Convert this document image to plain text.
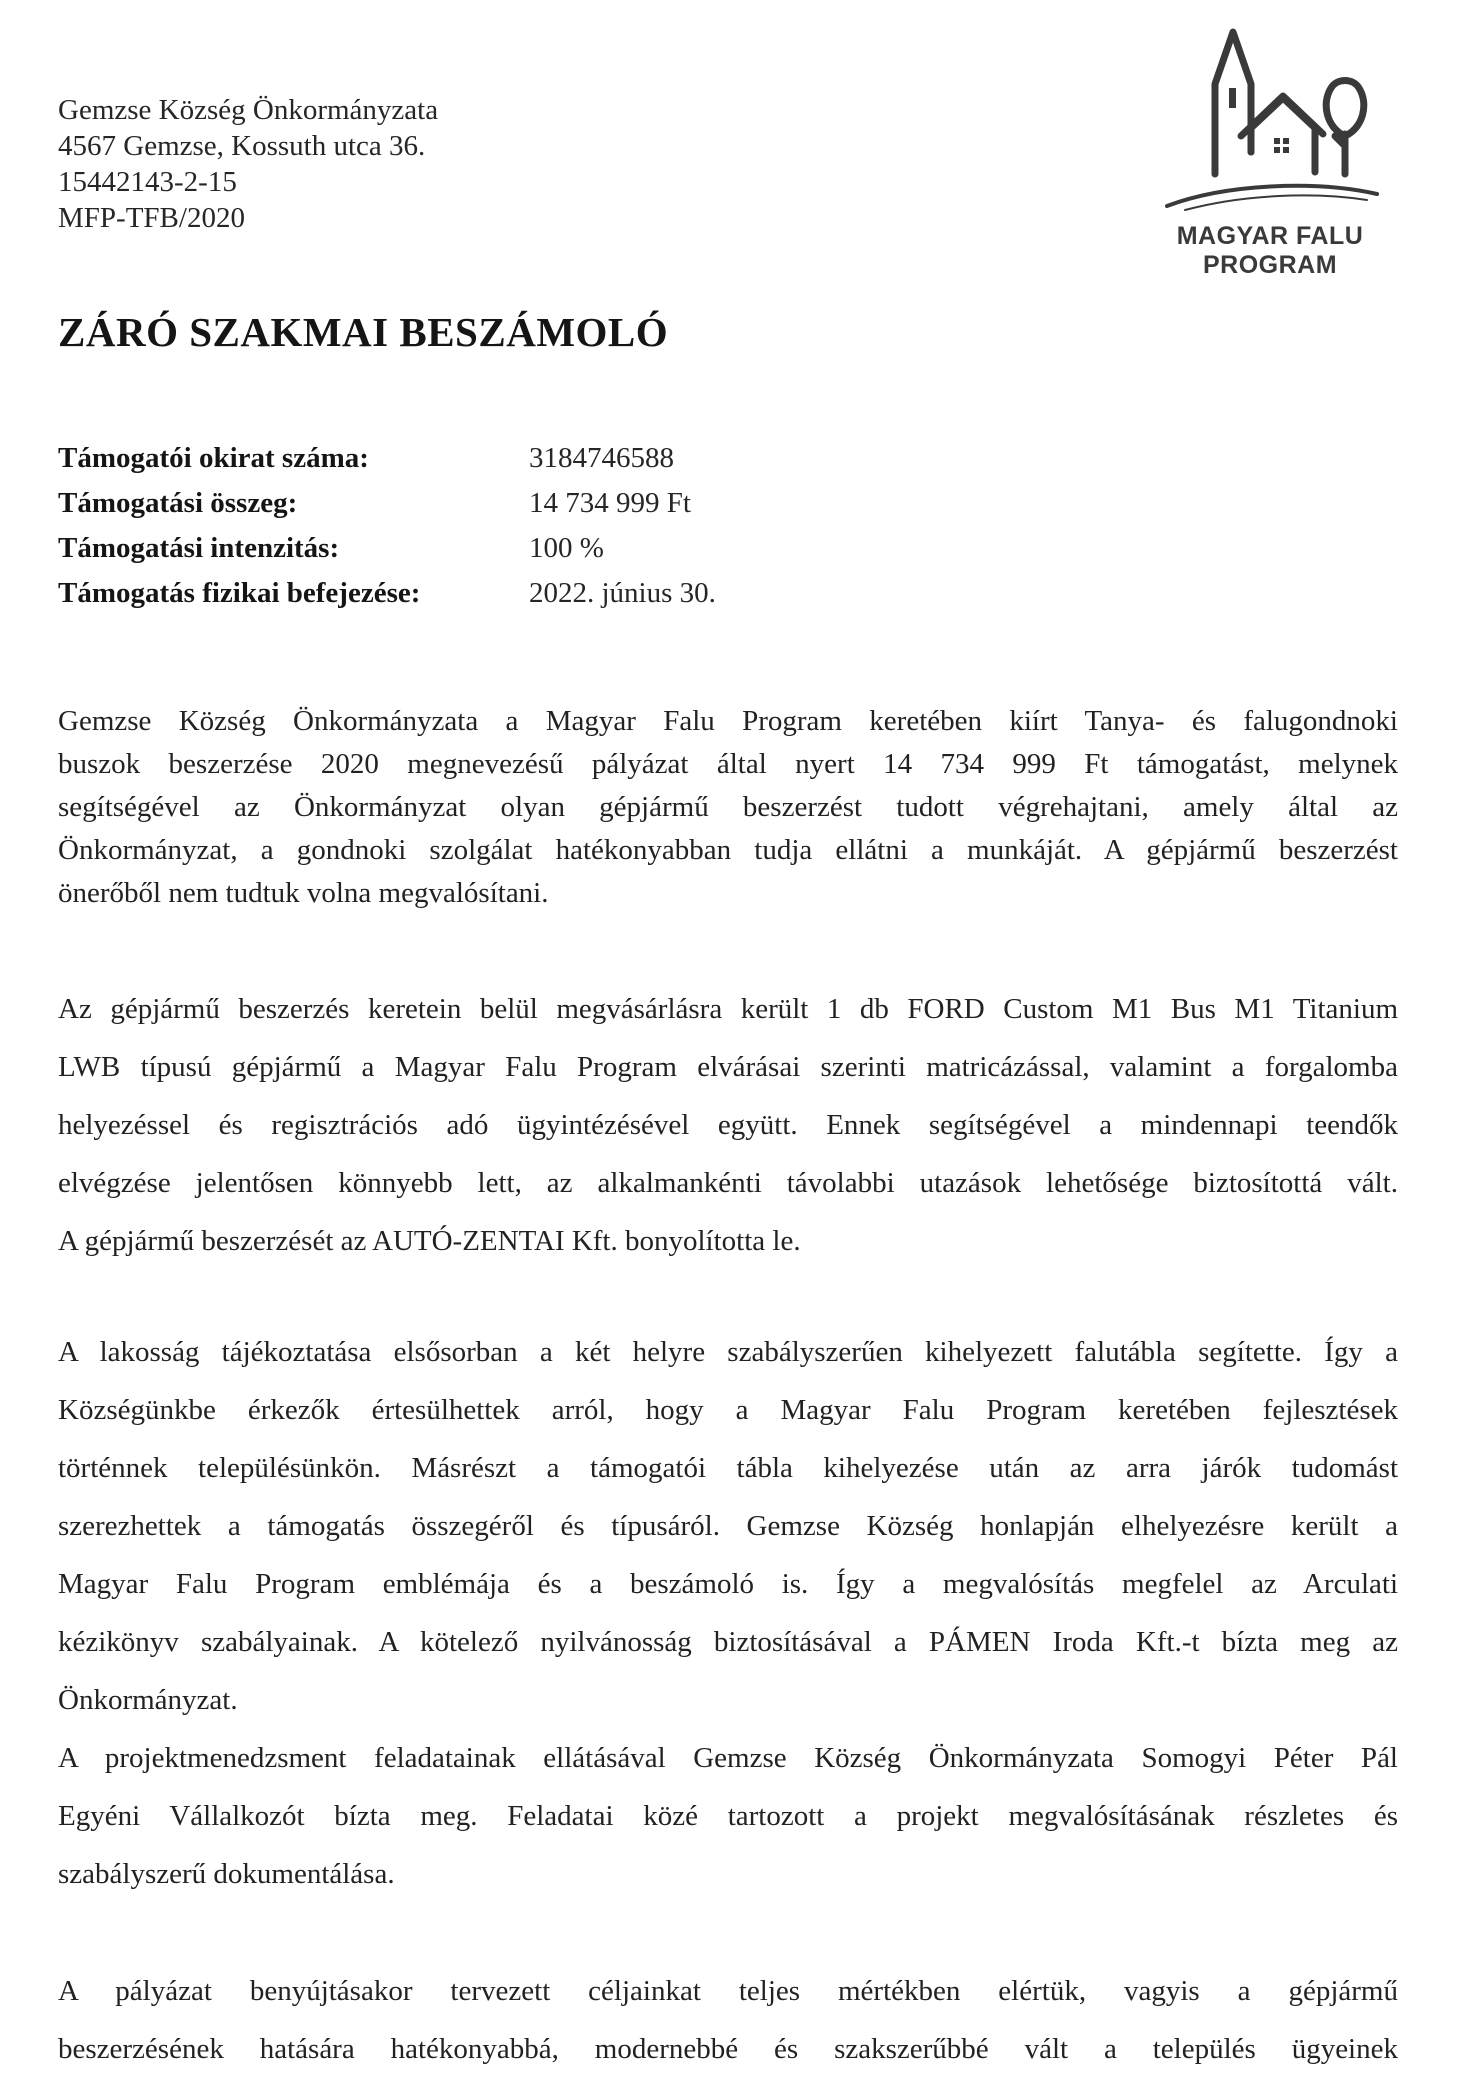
Gemzse Község Önkormányzata
4567 Gemzse, Kossuth utca 36.
15442143-2-15
MFP-TFB/2020
MAGYAR FALU
PROGRAM
ZÁRÓ SZAKMAI BESZÁMOLÓ
Támogatói okirat száma:	3184746588
Támogatási összeg:	14 734 999 Ft
Támogatási intenzitás:	100 %
Támogatás fizikai befejezése:	2022. június 30.
Gemzse Község Önkormányzata a Magyar Falu Program keretében kiírt Tanya- és falugondnoki
buszok beszerzése 2020 megnevezésű pályázat által nyert 14 734 999 Ft támogatást, melynek
segítségével az Önkormányzat olyan gépjármű beszerzést tudott végrehajtani, amely által az
Önkormányzat, a gondnoki szolgálat hatékonyabban tudja ellátni a munkáját. A gépjármű beszerzést
önerőből nem tudtuk volna megvalósítani.
Az gépjármű beszerzés keretein belül megvásárlásra került 1 db FORD Custom M1 Bus M1 Titanium
LWB típusú gépjármű a Magyar Falu Program elvárásai szerinti matricázással, valamint a forgalomba
helyezéssel és regisztrációs adó ügyintézésével együtt. Ennek segítségével a mindennapi teendők
elvégzése jelentősen könnyebb lett, az alkalmankénti távolabbi utazások lehetősége biztosítottá vált.
A gépjármű beszerzését az AUTÓ-ZENTAI Kft. bonyolította le.
A lakosság tájékoztatása elsősorban a két helyre szabályszerűen kihelyezett falutábla segítette. Így a
Községünkbe érkezők értesülhettek arról, hogy a Magyar Falu Program keretében fejlesztések
történnek településünkön. Másrészt a támogatói tábla kihelyezése után az arra járók tudomást
szerezhettek a támogatás összegéről és típusáról. Gemzse Község honlapján elhelyezésre került a
Magyar Falu Program emblémája és a beszámoló is. Így a megvalósítás megfelel az Arculati
kézikönyv szabályainak. A kötelező nyilvánosság biztosításával a PÁMEN Iroda Kft.-t bízta meg az
Önkormányzat.
A projektmenedzsment feladatainak ellátásával Gemzse Község Önkormányzata Somogyi Péter Pál
Egyéni Vállalkozót bízta meg. Feladatai közé tartozott a projekt megvalósításának részletes és
szabályszerű dokumentálása.
A pályázat benyújtásakor tervezett céljainkat teljes mértékben elértük, vagyis a gépjármű
beszerzésének hatására hatékonyabbá, modernebbé és szakszerűbbé vált a település ügyeinek
